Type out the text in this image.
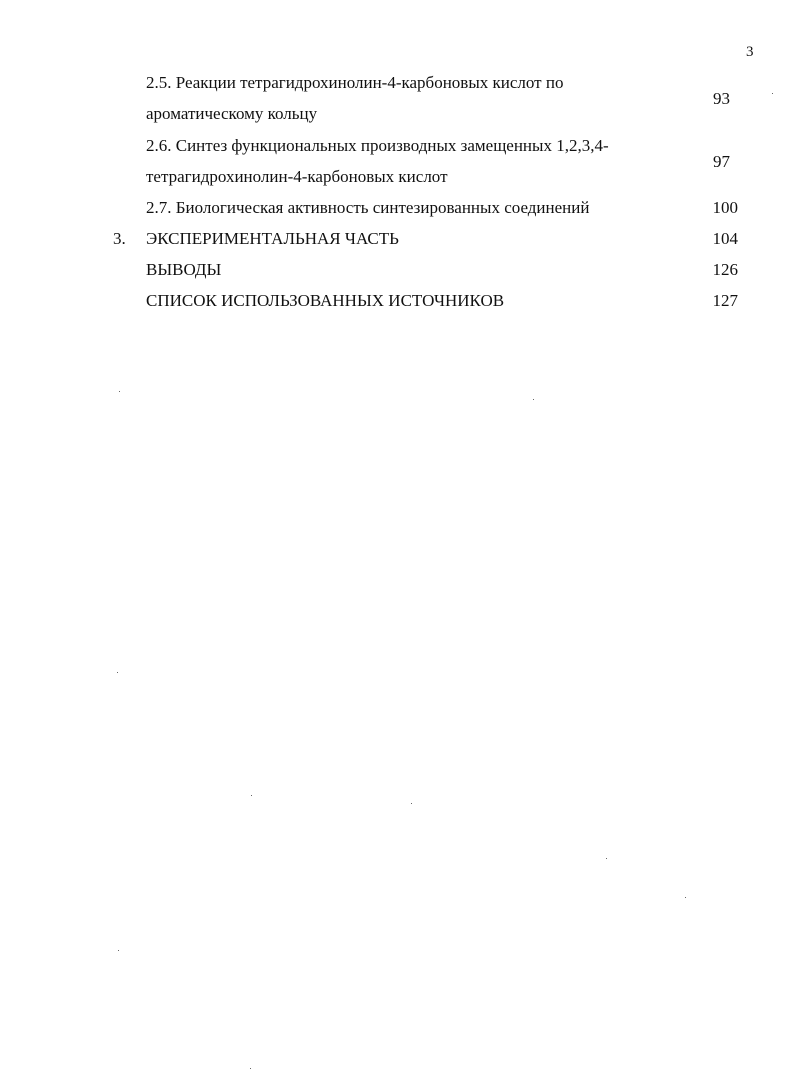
3
2.5. Реакции тетрагидрохинолин-4-карбоновых кислот по
ароматическому кольцу
93
2.6. Синтез функциональных производных замещенных 1,2,3,4-
тетрагидрохинолин-4-карбоновых кислот
97
2.7. Биологическая активность синтезированных соединений	100
3. ЭКСПЕРИМЕНТАЛЬНАЯ ЧАСТЬ	104
ВЫВОДЫ	126
СПИСОК ИСПОЛЬЗОВАННЫХ ИСТОЧНИКОВ	127
